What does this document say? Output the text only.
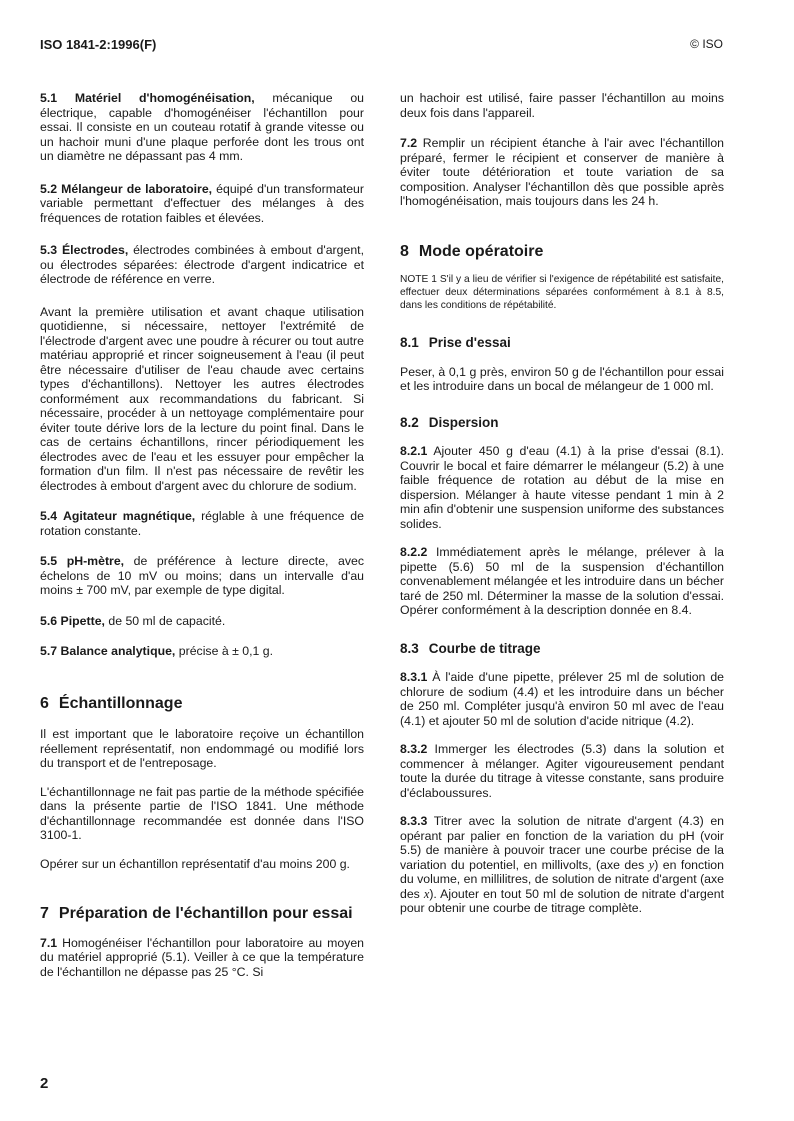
ISO 1841-2:1996(F)	© ISO

5.1 Matériel d'homogénéisation, mécanique ou électrique, capable d'homogénéiser l'échantillon pour essai. Il consiste en un couteau rotatif à grande vitesse ou un hachoir muni d'une plaque perforée dont les trous ont un diamètre ne dépassant pas 4 mm.

5.2 Mélangeur de laboratoire, équipé d'un transformateur variable permettant d'effectuer des mélanges à des fréquences de rotation faibles et élevées.

5.3 Électrodes, électrodes combinées à embout d'argent, ou électrodes séparées: électrode d'argent indicatrice et électrode de référence en verre.

Avant la première utilisation et avant chaque utilisation quotidienne, si nécessaire, nettoyer l'extrémité de l'électrode d'argent avec une poudre à récurer ou tout autre matériau approprié et rincer soigneusement à l'eau (il peut être nécessaire d'utiliser de l'eau chaude avec certains types d'échantillons). Nettoyer les autres électrodes conformément aux recommandations du fabricant. Si nécessaire, procéder à un nettoyage complémentaire pour éviter toute dérive lors de la lecture du point final. Dans le cas de certains échantillons, rincer périodiquement les électrodes avec de l'eau et les essuyer pour empêcher la formation d'un film. Il n'est pas nécessaire de revêtir les électrodes à embout d'argent avec du chlorure de sodium.

5.4 Agitateur magnétique, réglable à une fréquence de rotation constante.

5.5 pH-mètre, de préférence à lecture directe, avec échelons de 10 mV ou moins; dans un intervalle d'au moins ± 700 mV, par exemple de type digital.

5.6 Pipette, de 50 ml de capacité.

5.7 Balance analytique, précise à ± 0,1 g.

6 Échantillonnage

Il est important que le laboratoire reçoive un échantillon réellement représentatif, non endommagé ou modifié lors du transport et de l'entreposage.

L'échantillonnage ne fait pas partie de la méthode spécifiée dans la présente partie de l'ISO 1841. Une méthode d'échantillonnage recommandée est donnée dans l'ISO 3100-1.

Opérer sur un échantillon représentatif d'au moins 200 g.

7 Préparation de l'échantillon pour essai

7.1 Homogénéiser l'échantillon pour laboratoire au moyen du matériel approprié (5.1). Veiller à ce que la température de l'échantillon ne dépasse pas 25 °C. Si

un hachoir est utilisé, faire passer l'échantillon au moins deux fois dans l'appareil.

7.2 Remplir un récipient étanche à l'air avec l'échantillon préparé, fermer le récipient et conserver de manière à éviter toute détérioration et toute variation de sa composition. Analyser l'échantillon dès que possible après l'homogénéisation, mais toujours dans les 24 h.

8 Mode opératoire

NOTE 1 S'il y a lieu de vérifier si l'exigence de répétabilité est satisfaite, effectuer deux déterminations séparées conformément à 8.1 à 8.5, dans les conditions de répétabilité.

8.1 Prise d'essai

Peser, à 0,1 g près, environ 50 g de l'échantillon pour essai et les introduire dans un bocal de mélangeur de 1 000 ml.

8.2 Dispersion

8.2.1 Ajouter 450 g d'eau (4.1) à la prise d'essai (8.1). Couvrir le bocal et faire démarrer le mélangeur (5.2) à une faible fréquence de rotation au début de la mise en dispersion. Mélanger à haute vitesse pendant 1 min à 2 min afin d'obtenir une suspension uniforme des substances solides.

8.2.2 Immédiatement après le mélange, prélever à la pipette (5.6) 50 ml de la suspension d'échantillon convenablement mélangée et les introduire dans un bécher taré de 250 ml. Déterminer la masse de la solution d'essai. Opérer conformément à la description donnée en 8.4.

8.3 Courbe de titrage

8.3.1 À l'aide d'une pipette, prélever 25 ml de solution de chlorure de sodium (4.4) et les introduire dans un bécher de 250 ml. Compléter jusqu'à environ 50 ml avec de l'eau (4.1) et ajouter 50 ml de solution d'acide nitrique (4.2).

8.3.2 Immerger les électrodes (5.3) dans la solution et commencer à mélanger. Agiter vigoureusement pendant toute la durée du titrage à vitesse constante, sans produire d'éclaboussures.

8.3.3 Titrer avec la solution de nitrate d'argent (4.3) en opérant par palier en fonction de la variation du pH (voir 5.5) de manière à pouvoir tracer une courbe précise de la variation du potentiel, en millivolts, (axe des y) en fonction du volume, en millilitres, de solution de nitrate d'argent (axe des x). Ajouter en tout 50 ml de solution de nitrate d'argent pour obtenir une courbe de titrage complète.

2
